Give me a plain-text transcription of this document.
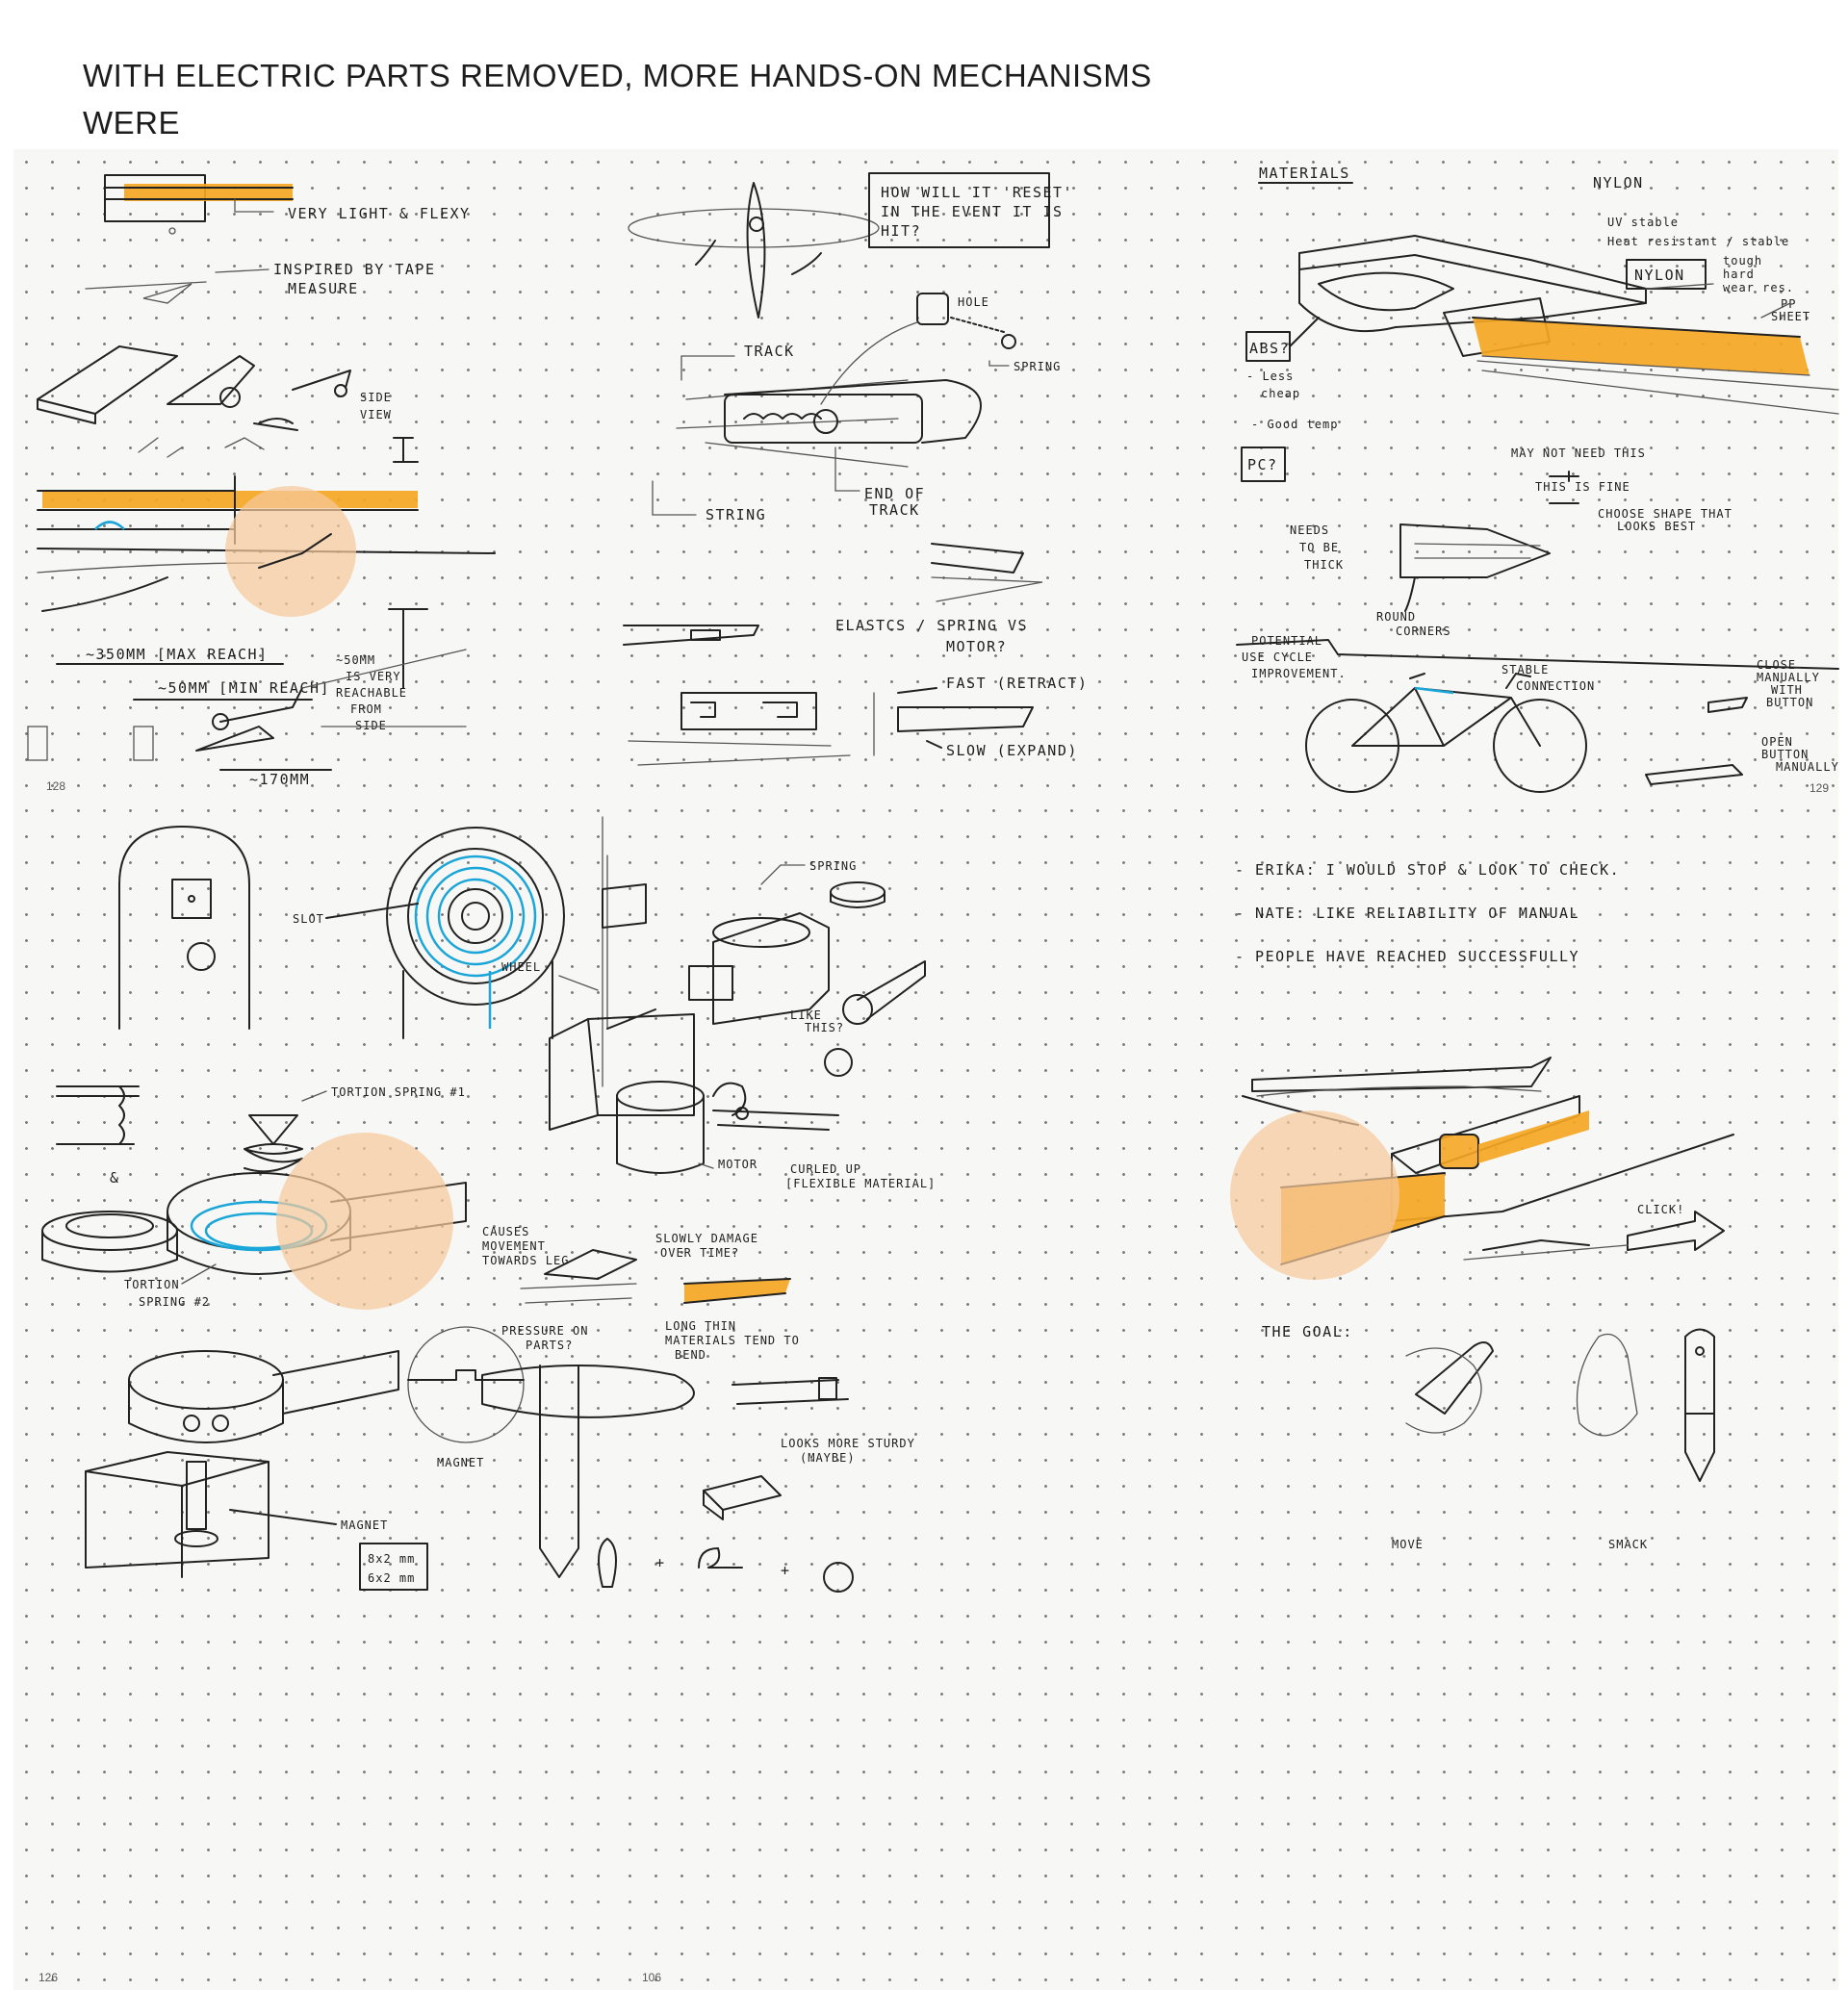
WITH ELECTRIC PARTS REMOVED, MORE HANDS-ON MECHANISMS WERE
VERY LIGHT & FLEXY
INSPIRED BY TAPE
MEASURE
SIDE
VIEW
~350MM [MAX REACH]
~50MM [MIN REACH]
~50MM
IS VERY
REACHABLE
FROM
SIDE
~170MM
128
HOW WILL IT 'RESET'
IN THE EVENT IT IS
HIT?
HOLE
SPRING
TRACK
END OF
TRACK
STRING
ELASTCS / SPRING VS
MOTOR?
FAST (RETRACT)
SLOW (EXPAND)
MATERIALS
NYLON
UV stable
Heat resistant / stable
NYLON
tough
hard
wear res.
PP
SHEET
ABS?
- Less
cheap
- Good temp
PC?
MAY NOT NEED THIS
THIS IS FINE
CHOOSE SHAPE THAT
LOOKS BEST
NEEDS
TO BE
THICK
ROUND
CORNERS
POTENTIAL
USE CYCLE
IMPROVEMENT.	STABLE
CONNECTION
CLOSE
MANUALLY
WITH
BUTTON
OPEN
BUTTON
MANUALLY
129
SLOT
&
TORTION SPRING #1
TORTION
SPRING #2
MAGNET
MAGNET
8x2 mm
6x2 mm
126
SPRING
WHEEL
MOTOR
LIKE
THIS?
CURLED UP
[FLEXIBLE MATERIAL]
CAUSES
MOVEMENT
TOWARDS LEG
SLOWLY DAMAGE
OVER TIME?
PRESSURE ON
PARTS?
LONG THIN
MATERIALS TEND TO
BEND
LOOKS MORE STURDY
(MAYBE)
+	+
106
- ERIKA: I WOULD STOP & LOOK TO CHECK.
- NATE: LIKE RELIABILITY OF MANUAL
- PEOPLE HAVE REACHED SUCCESSFULLY
CLICK!
THE GOAL:
MOVE	SMACK
